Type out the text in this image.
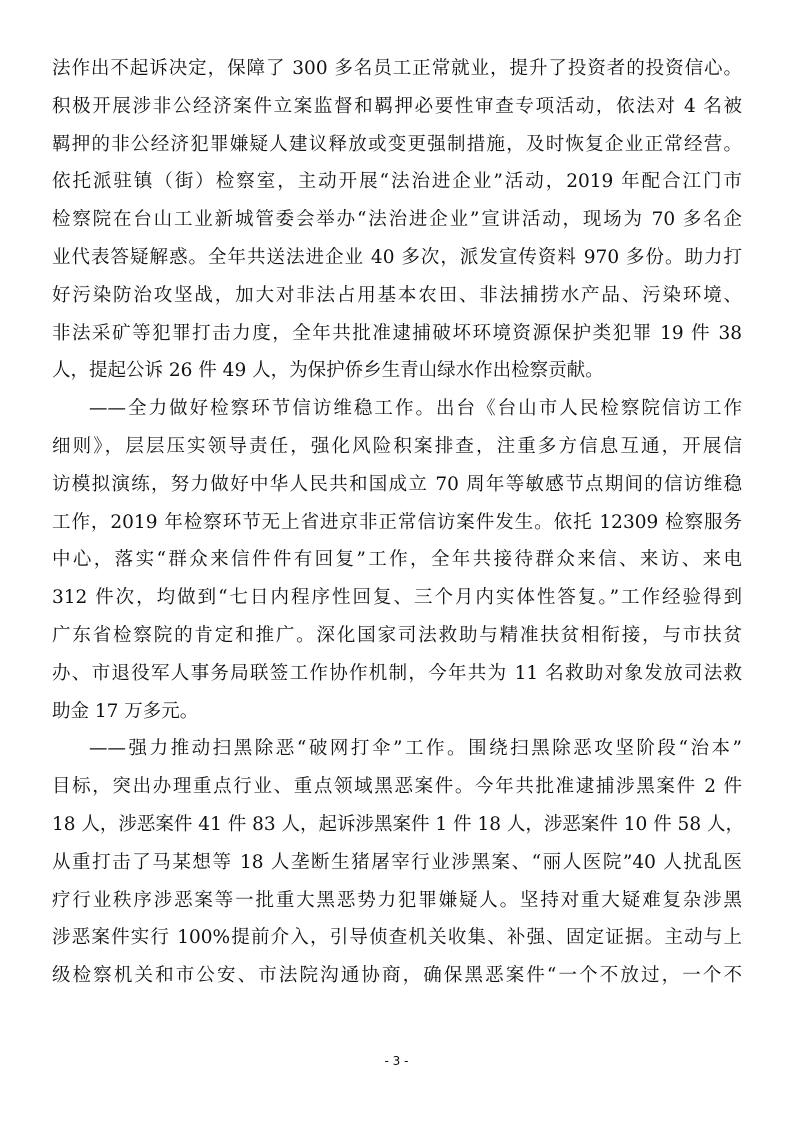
法作出不起诉决定，保障了 300 多名员工正常就业，提升了投资者的投资信心。
积极开展涉非公经济案件立案监督和羁押必要性审查专项活动，依法对 4 名被
羁押的非公经济犯罪嫌疑人建议释放或变更强制措施，及时恢复企业正常经营。
依托派驻镇（街）检察室，主动开展“法治进企业”活动，2019 年配合江门市
检察院在台山工业新城管委会举办“法治进企业”宣讲活动，现场为 70 多名企
业代表答疑解惑。全年共送法进企业 40 多次，派发宣传资料 970 多份。助力打
好污染防治攻坚战，加大对非法占用基本农田、非法捕捞水产品、污染环境、
非法采矿等犯罪打击力度，全年共批准逮捕破坏环境资源保护类犯罪 19 件 38
人，提起公诉 26 件 49 人，为保护侨乡生青山绿水作出检察贡献。
——全力做好检察环节信访维稳工作。出台《台山市人民检察院信访工作
细则》，层层压实领导责任，强化风险积案排查，注重多方信息互通，开展信
访模拟演练，努力做好中华人民共和国成立 70 周年等敏感节点期间的信访维稳
工作，2019 年检察环节无上省进京非正常信访案件发生。依托 12309 检察服务
中心，落实“群众来信件件有回复”工作，全年共接待群众来信、来访、来电
312 件次，均做到“七日内程序性回复、三个月内实体性答复。”工作经验得到
广东省检察院的肯定和推广。深化国家司法救助与精准扶贫相衔接，与市扶贫
办、市退役军人事务局联签工作协作机制，今年共为 11 名救助对象发放司法救
助金 17 万多元。
——强力推动扫黑除恶“破网打伞”工作。围绕扫黑除恶攻坚阶段“治本”
目标，突出办理重点行业、重点领域黑恶案件。今年共批准逮捕涉黑案件 2 件
18 人，涉恶案件 41 件 83 人，起诉涉黑案件 1 件 18 人，涉恶案件 10 件 58 人，
从重打击了马某想等 18 人垄断生猪屠宰行业涉黑案、“丽人医院”40 人扰乱医
疗行业秩序涉恶案等一批重大黑恶势力犯罪嫌疑人。坚持对重大疑难复杂涉黑
涉恶案件实行 100%提前介入，引导侦查机关收集、补强、固定证据。主动与上
级检察机关和市公安、市法院沟通协商，确保黑恶案件“一个不放过，一个不
- 3 -
